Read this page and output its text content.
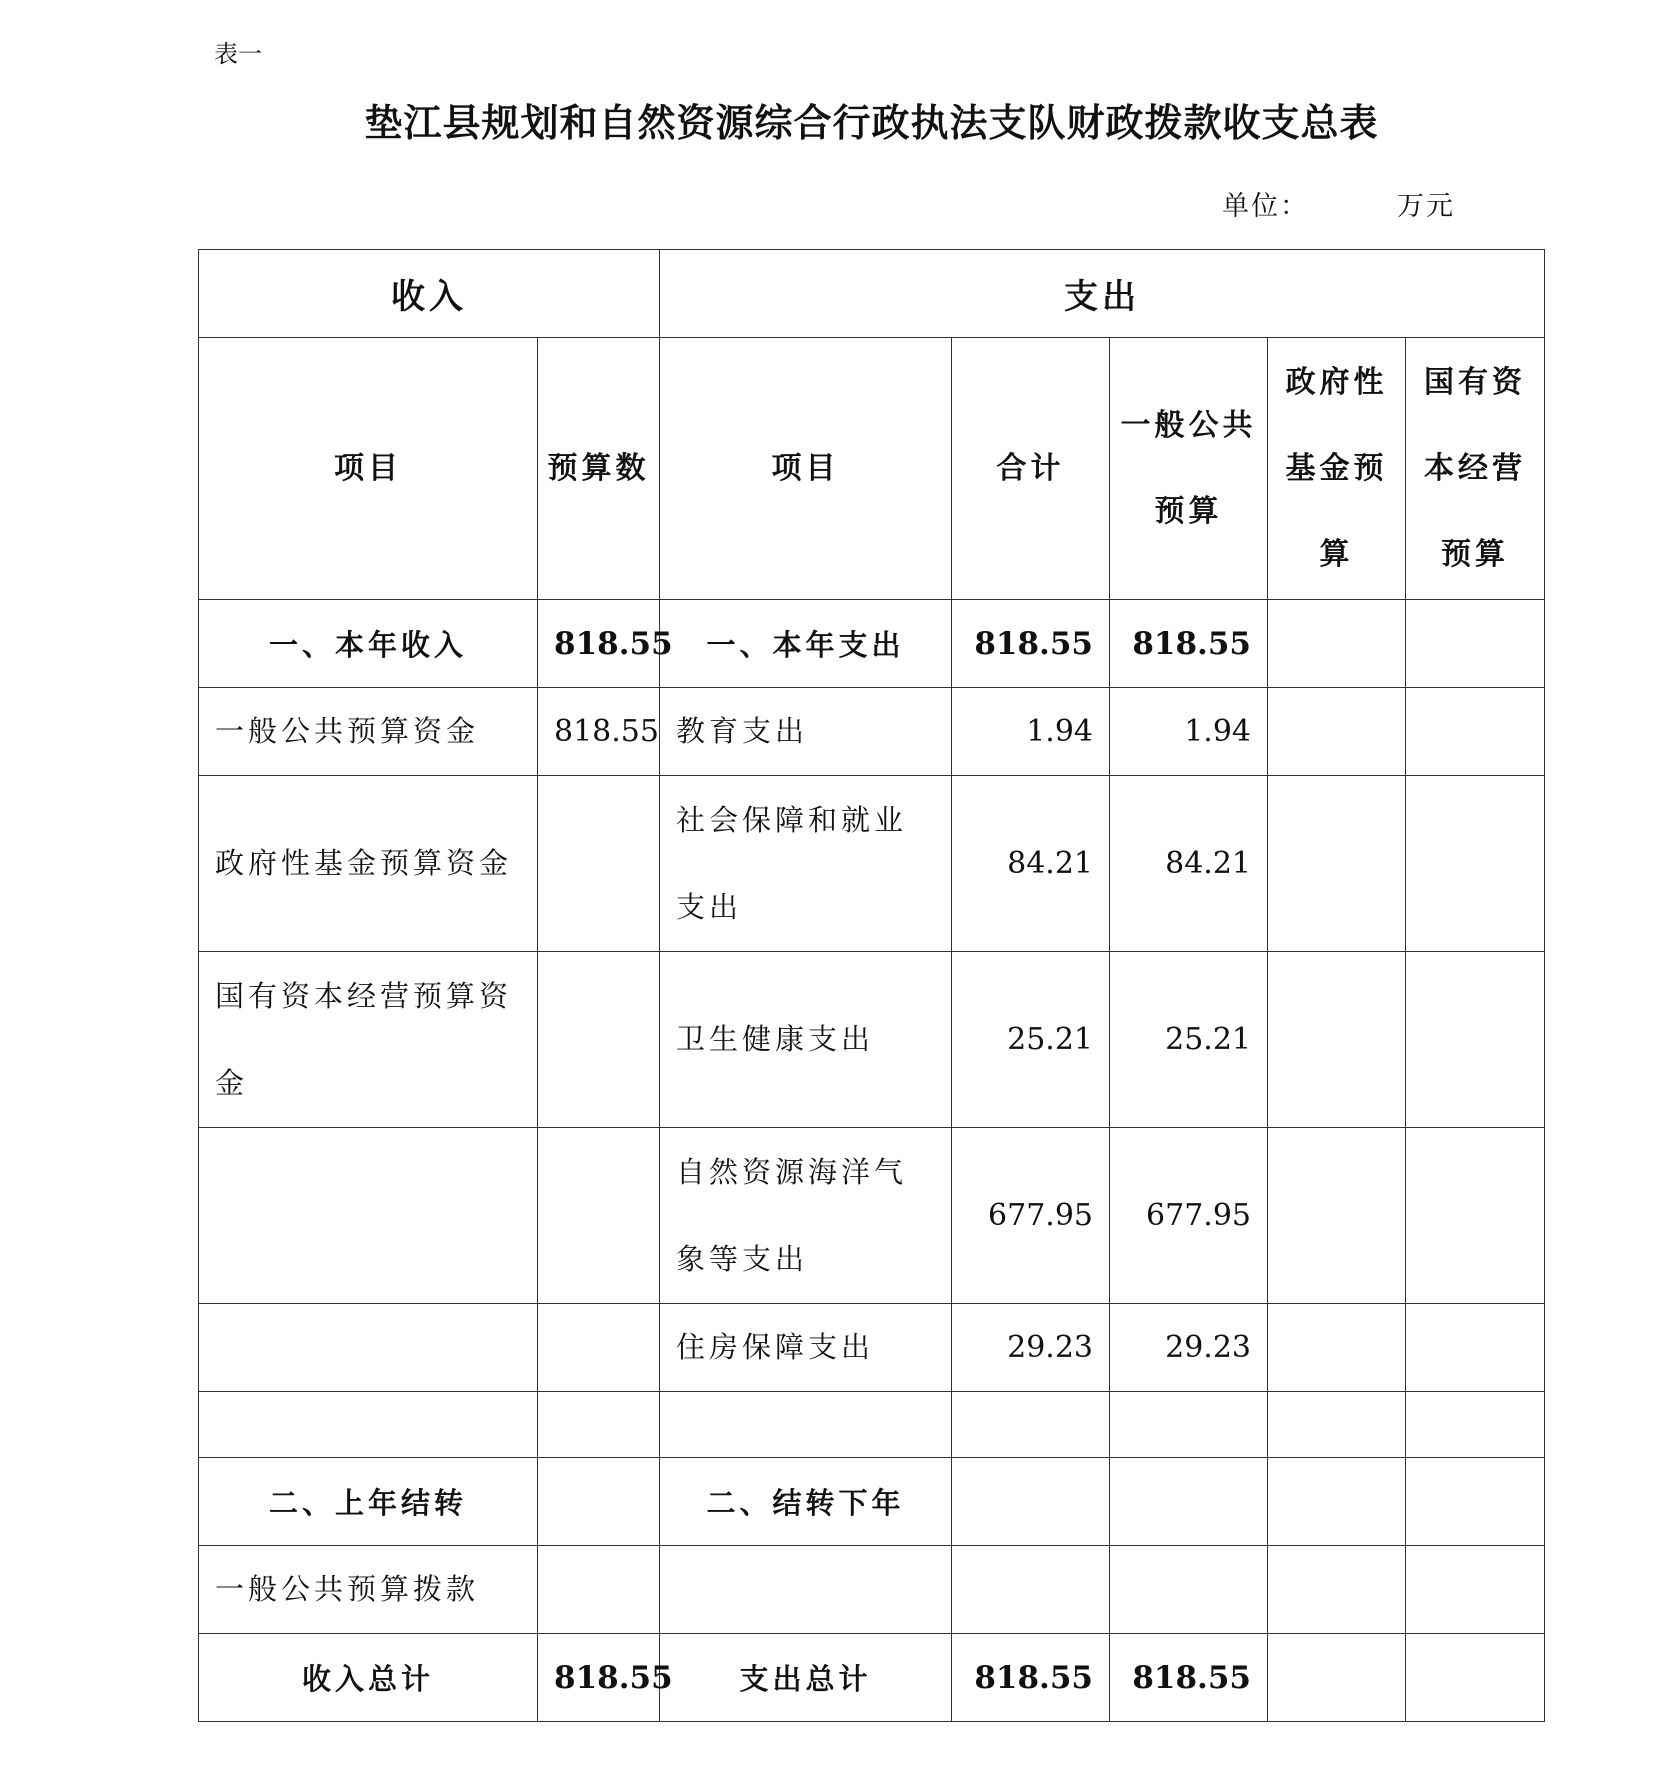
表一
垫江县规划和自然资源综合行政执法支队财政拨款收支总表
单位：	万元
收入		支出				
项目	预算数	项目	合计	一般公共预算	政府性基金预算	国有资本经营预算
一、本年收入	818.55	一、本年支出	818.55	818.55		
一般公共预算资金	818.55	教育支出	1.94	1.94		
政府性基金预算资金		社会保障和就业支出	84.21	84.21		
国有资本经营预算资金		卫生健康支出	25.21	25.21		
		自然资源海洋气象等支出	677.95	677.95		
		住房保障支出	29.23	29.23		

二、上年结转		二、结转下年				
一般公共预算拨款						
收入总计	818.55	支出总计	818.55	818.55		
